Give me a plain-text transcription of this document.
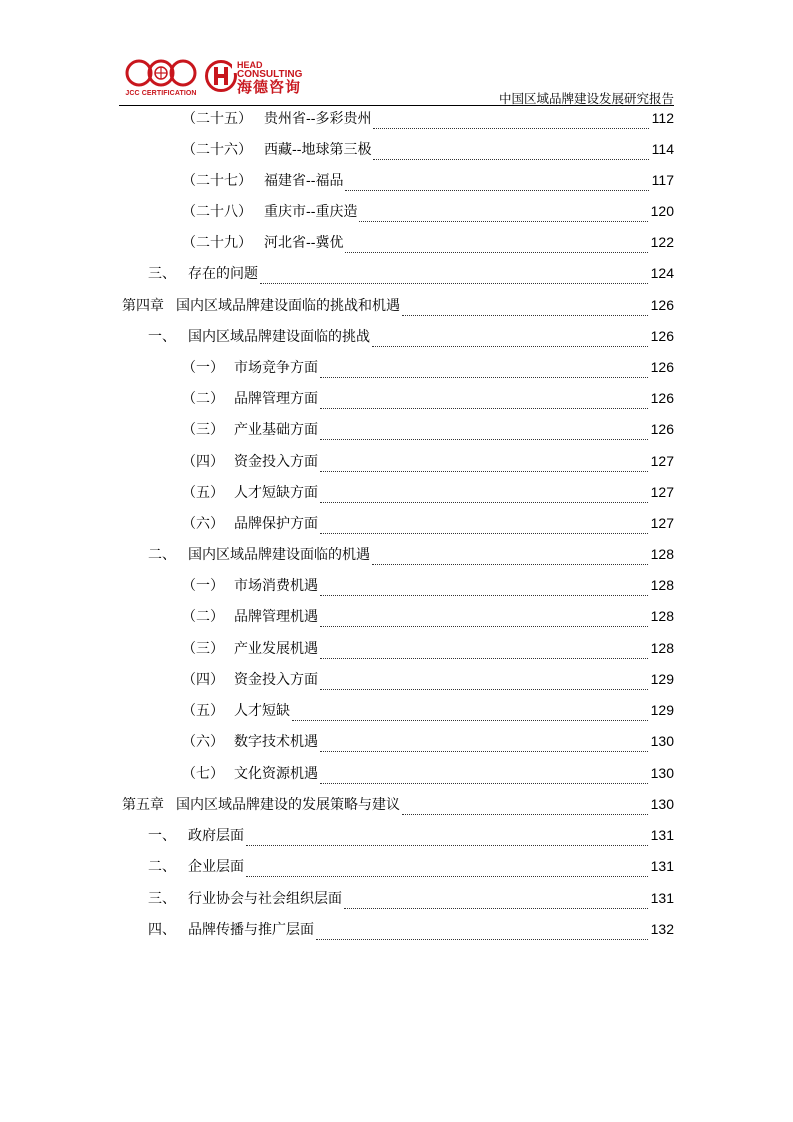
JCC CERTIFICATION
HEAD
CONSULTING
海德咨询
中国区域品牌建设发展研究报告
（二十五） 贵州省--多彩贵州	112
（二十六） 西藏--地球第三极	114
（二十七） 福建省--福品	117
（二十八） 重庆市--重庆造	120
（二十九） 河北省--冀优	122
三、 存在的问题	124
第四章 国内区域品牌建设面临的挑战和机遇	126
一、 国内区域品牌建设面临的挑战	126
（一） 市场竞争方面	126
（二） 品牌管理方面	126
（三） 产业基础方面	126
（四） 资金投入方面	127
（五） 人才短缺方面	127
（六） 品牌保护方面	127
二、 国内区域品牌建设面临的机遇	128
（一） 市场消费机遇	128
（二） 品牌管理机遇	128
（三） 产业发展机遇	128
（四） 资金投入方面	129
（五） 人才短缺	129
（六） 数字技术机遇	130
（七） 文化资源机遇	130
第五章 国内区域品牌建设的发展策略与建议	130
一、 政府层面	131
二、 企业层面	131
三、 行业协会与社会组织层面	131
四、 品牌传播与推广层面	132
